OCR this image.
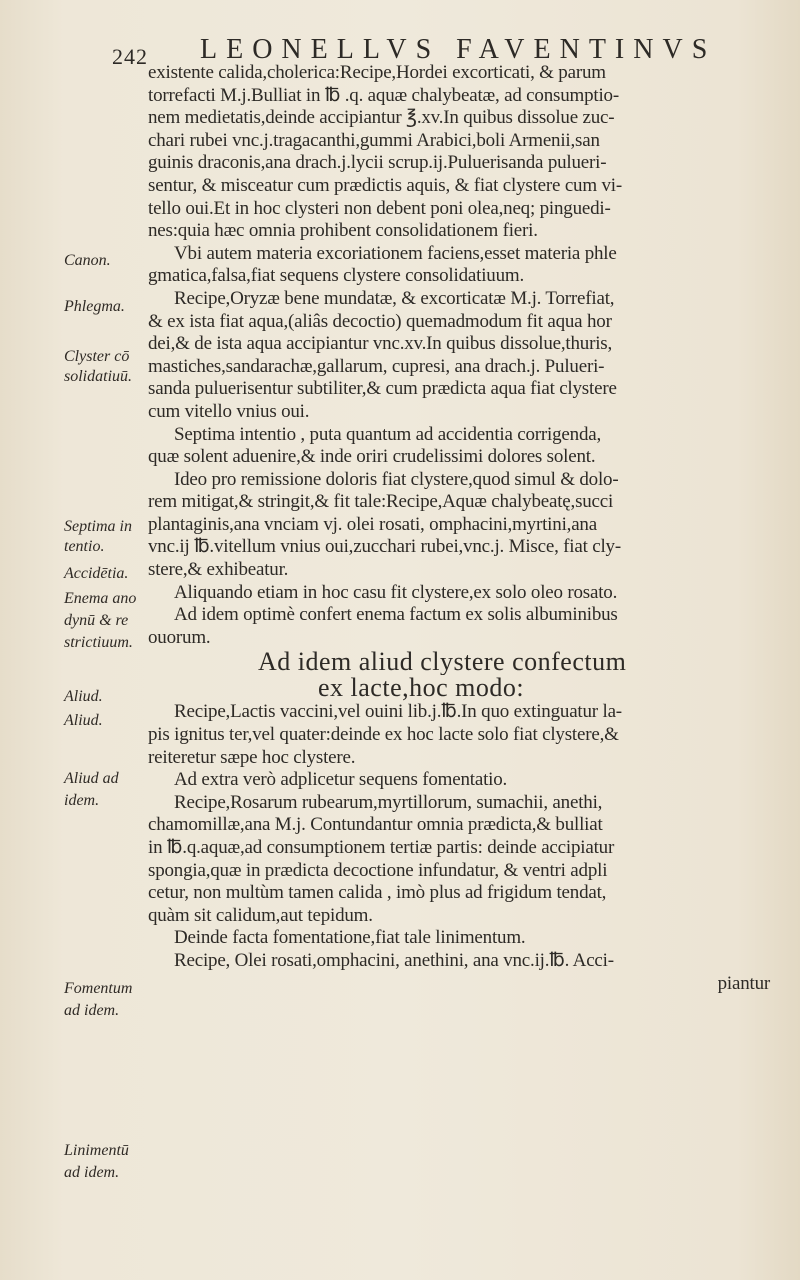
242 LEONELLVS FAVENTINVS
Canon.
Phlegma.
Clyster cō
solidatiuū.
Septima in
tentio.
Accidētia.
Enema ano
dynū & re
strictiuum.
Aliud.
Aliud.
Aliud ad
idem.
Fomentum
ad idem.
Linimentū
ad idem.
existente calida,cholerica:Recipe,Hordei excorticati, & parum
torrefacti M.j.Bulliat in ℔ .q. aquæ chalybeatæ, ad consumptio-
nem medietatis,deinde accipiantur ℥.xv.In quibus dissolue zuc-
chari rubei vnc.j.tragacanthi,gummi Arabici,boli Armenii,san
guinis draconis,ana drach.j.lycii scrup.ij.Puluerisanda pulueri-
sentur, & misceatur cum prædictis aquis, & fiat clystere cum vi-
tello oui.Et in hoc clysteri non debent poni olea,neq; pinguedi-
nes:quia hæc omnia prohibent consolidationem fieri.
Vbi autem materia excoriationem faciens,esset materia phle
gmatica,falsa,fiat sequens clystere consolidatiuum.
Recipe,Oryzæ bene mundatæ, & excorticatæ M.j. Torrefiat,
& ex ista fiat aqua,(aliâs decoctio) quemadmodum fit aqua hor
dei,& de ista aqua accipiantur vnc.xv.In quibus dissolue,thuris,
mastiches,sandarachæ,gallarum, cupresi, ana drach.j. Pulueri-
sanda puluerisentur subtiliter,& cum prædicta aqua fiat clystere
cum vitello vnius oui.
Septima intentio , puta quantum ad accidentia corrigenda,
quæ solent aduenire,& inde oriri crudelissimi dolores solent.
Ideo pro remissione doloris fiat clystere,quod simul & dolo-
rem mitigat,& stringit,& fit tale:Recipe,Aquæ chalybeatę,succi
plantaginis,ana vnciam vj. olei rosati, omphacini,myrtini,ana
vnc.ij ℔.vitellum vnius oui,zucchari rubei,vnc.j. Misce, fiat cly-
stere,& exhibeatur.
Aliquando etiam in hoc casu fit clystere,ex solo oleo rosato.
Ad idem optimè confert enema factum ex solis albuminibus
ouorum.
Ad idem aliud clystere confectum
ex lacte,hoc modo:
Recipe,Lactis vaccini,vel ouini lib.j.℔.In quo extinguatur la-
pis ignitus ter,vel quater:deinde ex hoc lacte solo fiat clystere,&
reiteretur sæpe hoc clystere.
Ad extra verò adplicetur sequens fomentatio.
Recipe,Rosarum rubearum,myrtillorum, sumachii, anethi,
chamomillæ,ana M.j. Contundantur omnia prædicta,& bulliat
in ℔.q.aquæ,ad consumptionem tertiæ partis: deinde accipiatur
spongia,quæ in prædicta decoctione infundatur, & ventri adpli
cetur, non multùm tamen calida , imò plus ad frigidum tendat,
quàm sit calidum,aut tepidum.
Deinde facta fomentatione,fiat tale linimentum.
Recipe, Olei rosati,omphacini, anethini, ana vnc.ij.℔. Acci-
piantur
